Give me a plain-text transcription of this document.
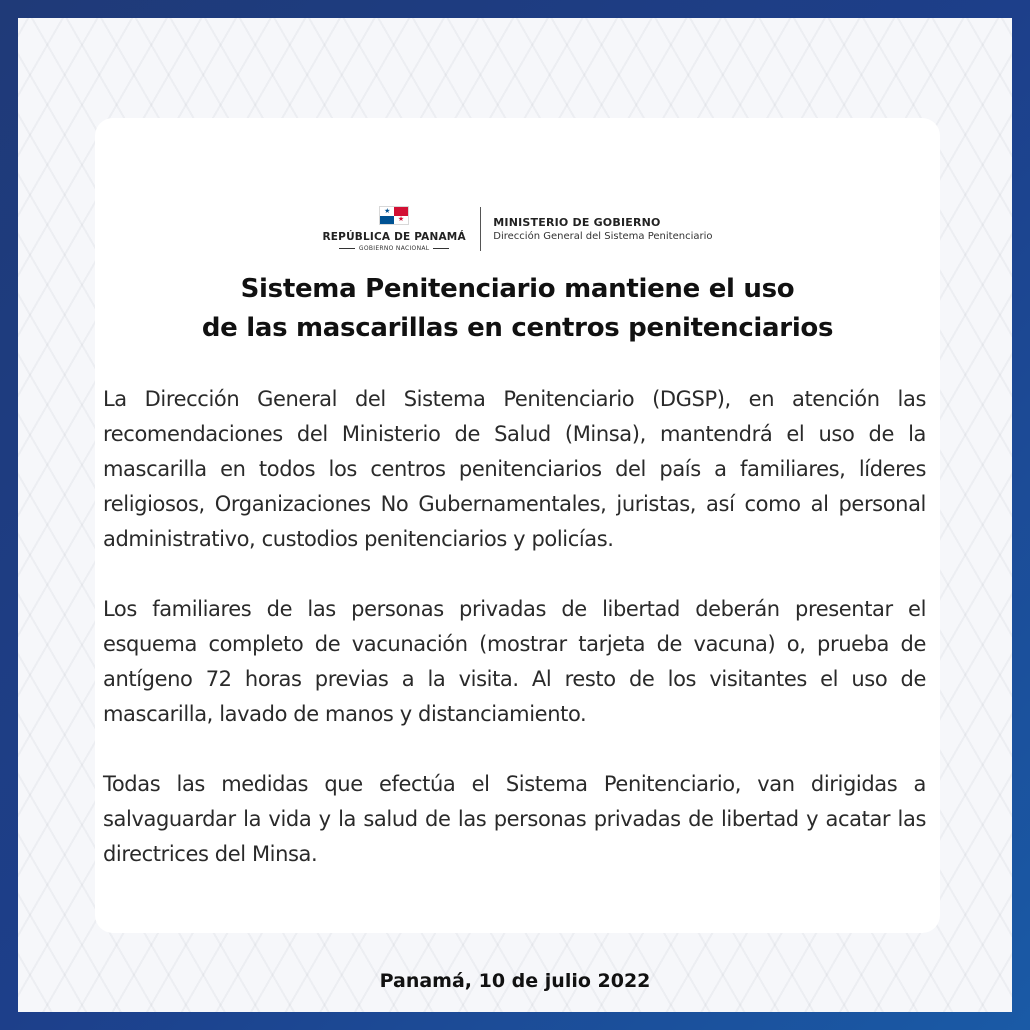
★
★
REPÚBLICA DE PANAMÁ
GOBIERNO NACIONAL
MINISTERIO DE GOBIERNO
Dirección General del Sistema Penitenciario
Sistema Penitenciario mantiene el uso
de las mascarillas en centros penitenciarios

La Dirección General del Sistema Penitenciario (DGSP), en atención las recomendaciones del Ministerio de Salud (Minsa), mantendrá el uso de la mascarilla en todos los centros penitenciarios del país a familiares, líderes religiosos, Organizaciones No Gubernamentales, juristas, así como al personal administrativo, custodios penitenciarios y policías.

Los familiares de las personas privadas de libertad deberán presentar el esquema completo de vacunación (mostrar tarjeta de vacuna) o, prueba de antígeno 72 horas previas a la visita. Al resto de los visitantes el uso de mascarilla, lavado de manos y distanciamiento.

Todas las medidas que efectúa el Sistema Penitenciario, van dirigidas a salvaguardar la vida y la salud de las personas privadas de libertad y acatar las directrices del Minsa.

Panamá, 10 de julio 2022
